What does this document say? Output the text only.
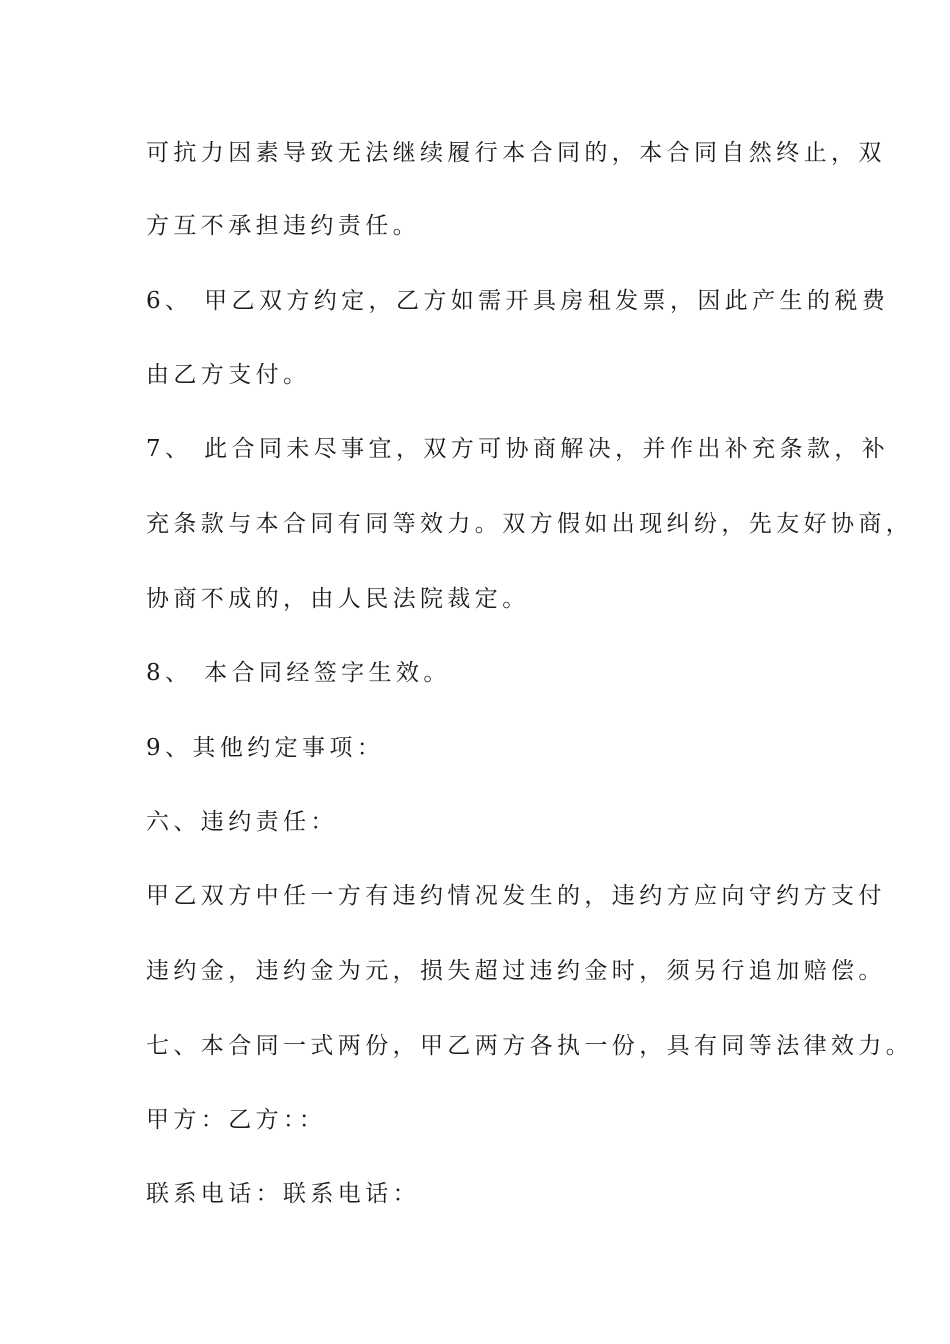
可抗力因素导致无法继续履行本合同的，本合同自然终止，双
方互不承担违约责任。
6、 甲乙双方约定，乙方如需开具房租发票，因此产生的税费
由乙方支付。
7、 此合同未尽事宜，双方可协商解决，并作出补充条款，补
充条款与本合同有同等效力。双方假如出现纠纷，先友好协商，
协商不成的，由人民法院裁定。
8、 本合同经签字生效。
9、其他约定事项：
六、违约责任：
甲乙双方中任一方有违约情况发生的，违约方应向守约方支付
违约金，违约金为元，损失超过违约金时，须另行追加赔偿。
七、本合同一式两份，甲乙两方各执一份，具有同等法律效力。
甲方：乙方：：
联系电话：联系电话：
